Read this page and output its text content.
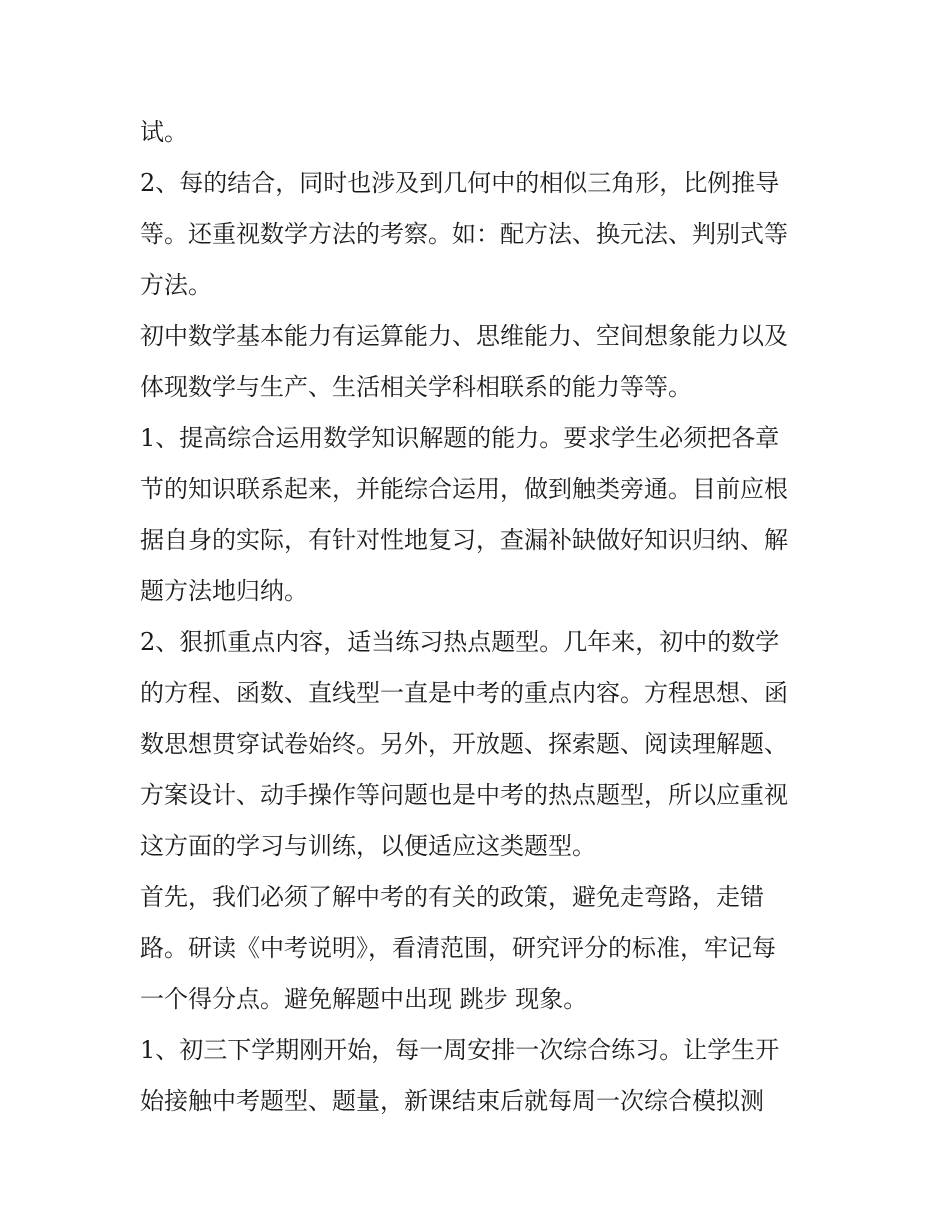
试。
2、每的结合，同时也涉及到几何中的相似三角形，比例推导
等。还重视数学方法的考察。如：配方法、换元法、判别式等
方法。
初中数学基本能力有运算能力、思维能力、空间想象能力以及
体现数学与生产、生活相关学科相联系的能力等等。
1、提高综合运用数学知识解题的能力。要求学生必须把各章
节的知识联系起来，并能综合运用，做到触类旁通。目前应根
据自身的实际，有针对性地复习，查漏补缺做好知识归纳、解
题方法地归纳。
2、狠抓重点内容，适当练习热点题型。几年来，初中的数学
的方程、函数、直线型一直是中考的重点内容。方程思想、函
数思想贯穿试卷始终。另外，开放题、探索题、阅读理解题、
方案设计、动手操作等问题也是中考的热点题型，所以应重视
这方面的学习与训练，以便适应这类题型。
首先，我们必须了解中考的有关的政策，避免走弯路，走错
路。研读《中考说明》，看清范围，研究评分的标准，牢记每
一个得分点。避免解题中出现 跳步 现象。
1、初三下学期刚开始，每一周安排一次综合练习。让学生开
始接触中考题型、题量，新课结束后就每周一次综合模拟测
